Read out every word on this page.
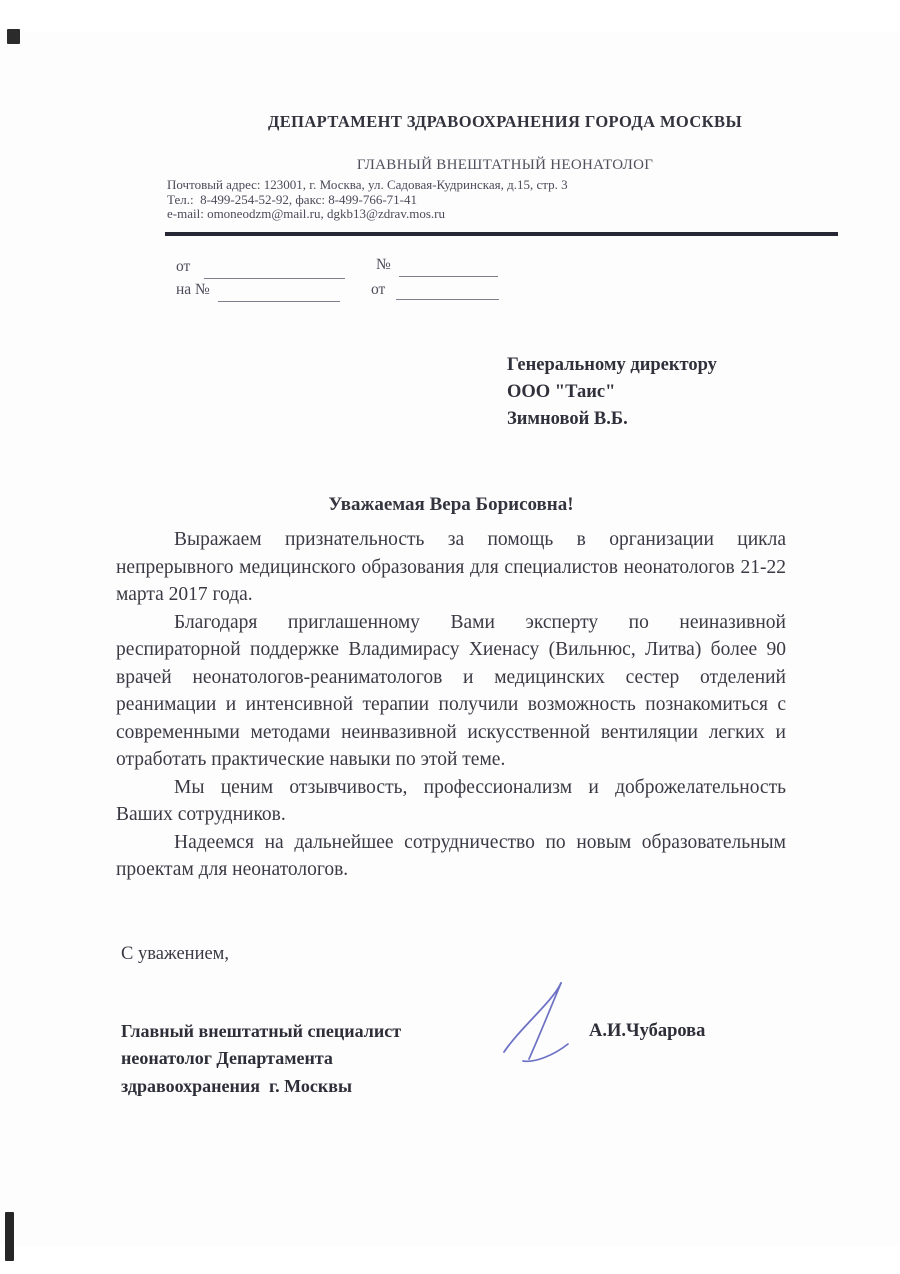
ДЕПАРТАМЕНТ ЗДРАВООХРАНЕНИЯ ГОРОДА МОСКВЫ
ГЛАВНЫЙ ВНЕШТАТНЫЙ НЕОНАТОЛОГ
Почтовый адрес: 123001, г. Москва, ул. Садовая-Кудринская, д.15, стр. 3
Тел.:  8-499-254-52-92, факс: 8-499-766-71-41
e-mail: omoneodzm@mail.ru, dgkb13@zdrav.mos.ru
от	№
на №	от
Генеральному директору
ООО "Таис"
Зимновой В.Б.
Уважаемая Вера Борисовна!

Выражаем признательность за помощь в организации цикла непрерывного медицинского образования для специалистов неонатологов 21-22 марта 2017 года.

Благодаря приглашенному Вами эксперту по неиназивной респираторной поддержке Владимирасу Хиенасу (Вильнюс, Литва) более 90 врачей неонатологов-реаниматологов и медицинских сестер отделений реанимации и интенсивной терапии получили возможность познакомиться с современными методами неинвазивной искусственной вентиляции легких и отработать практические навыки по этой теме.

Мы ценим отзывчивость, профессионализм и доброжелательность Ваших сотрудников.

Надеемся на дальнейшее сотрудничество по новым образовательным проектам для неонатологов.

С уважением,
Главный внештатный специалист
неонатолог Департамента
здравоохранения  г. Москвы
А.И.Чубарова
